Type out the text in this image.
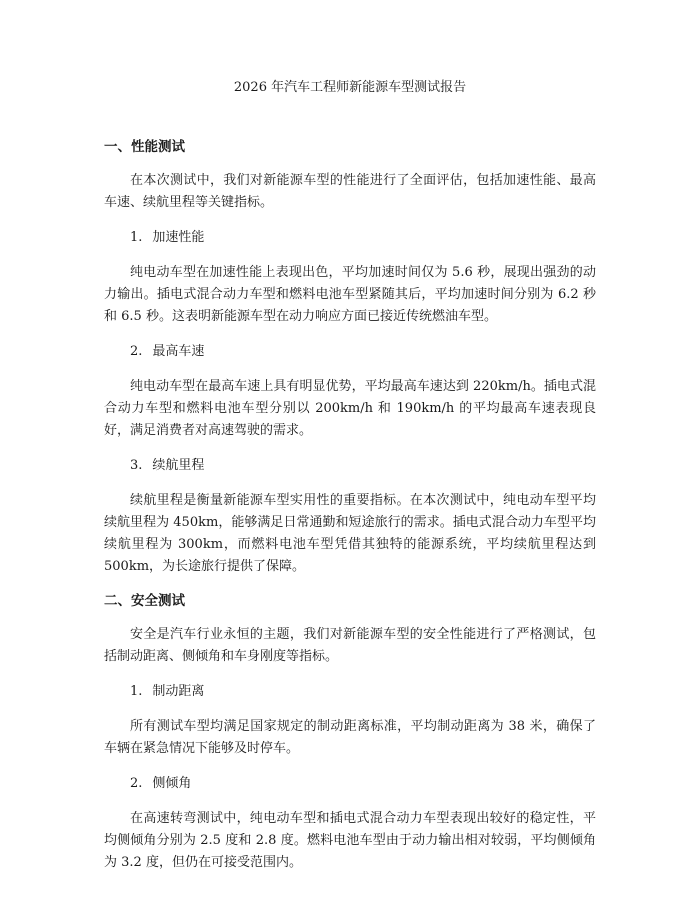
2026 年汽车工程师新能源车型测试报告
一、性能测试

在本次测试中，我们对新能源车型的性能进行了全面评估，包括加速性能、最高车速、续航里程等关键指标。

1. 加速性能

纯电动车型在加速性能上表现出色，平均加速时间仅为 5.6 秒，展现出强劲的动力输出。插电式混合动力车型和燃料电池车型紧随其后，平均加速时间分别为 6.2 秒和 6.5 秒。这表明新能源车型在动力响应方面已接近传统燃油车型。

2. 最高车速

纯电动车型在最高车速上具有明显优势，平均最高车速达到 220km/h。插电式混合动力车型和燃料电池车型分别以 200km/h 和 190km/h 的平均最高车速表现良好，满足消费者对高速驾驶的需求。

3. 续航里程

续航里程是衡量新能源车型实用性的重要指标。在本次测试中，纯电动车型平均续航里程为 450km，能够满足日常通勤和短途旅行的需求。插电式混合动力车型平均续航里程为 300km，而燃料电池车型凭借其独特的能源系统，平均续航里程达到 500km，为长途旅行提供了保障。

二、安全测试

安全是汽车行业永恒的主题，我们对新能源车型的安全性能进行了严格测试，包括制动距离、侧倾角和车身刚度等指标。

1. 制动距离

所有测试车型均满足国家规定的制动距离标准，平均制动距离为 38 米，确保了车辆在紧急情况下能够及时停车。

2. 侧倾角

在高速转弯测试中，纯电动车型和插电式混合动力车型表现出较好的稳定性，平均侧倾角分别为 2.5 度和 2.8 度。燃料电池车型由于动力输出相对较弱，平均侧倾角为 3.2 度，但仍在可接受范围内。
